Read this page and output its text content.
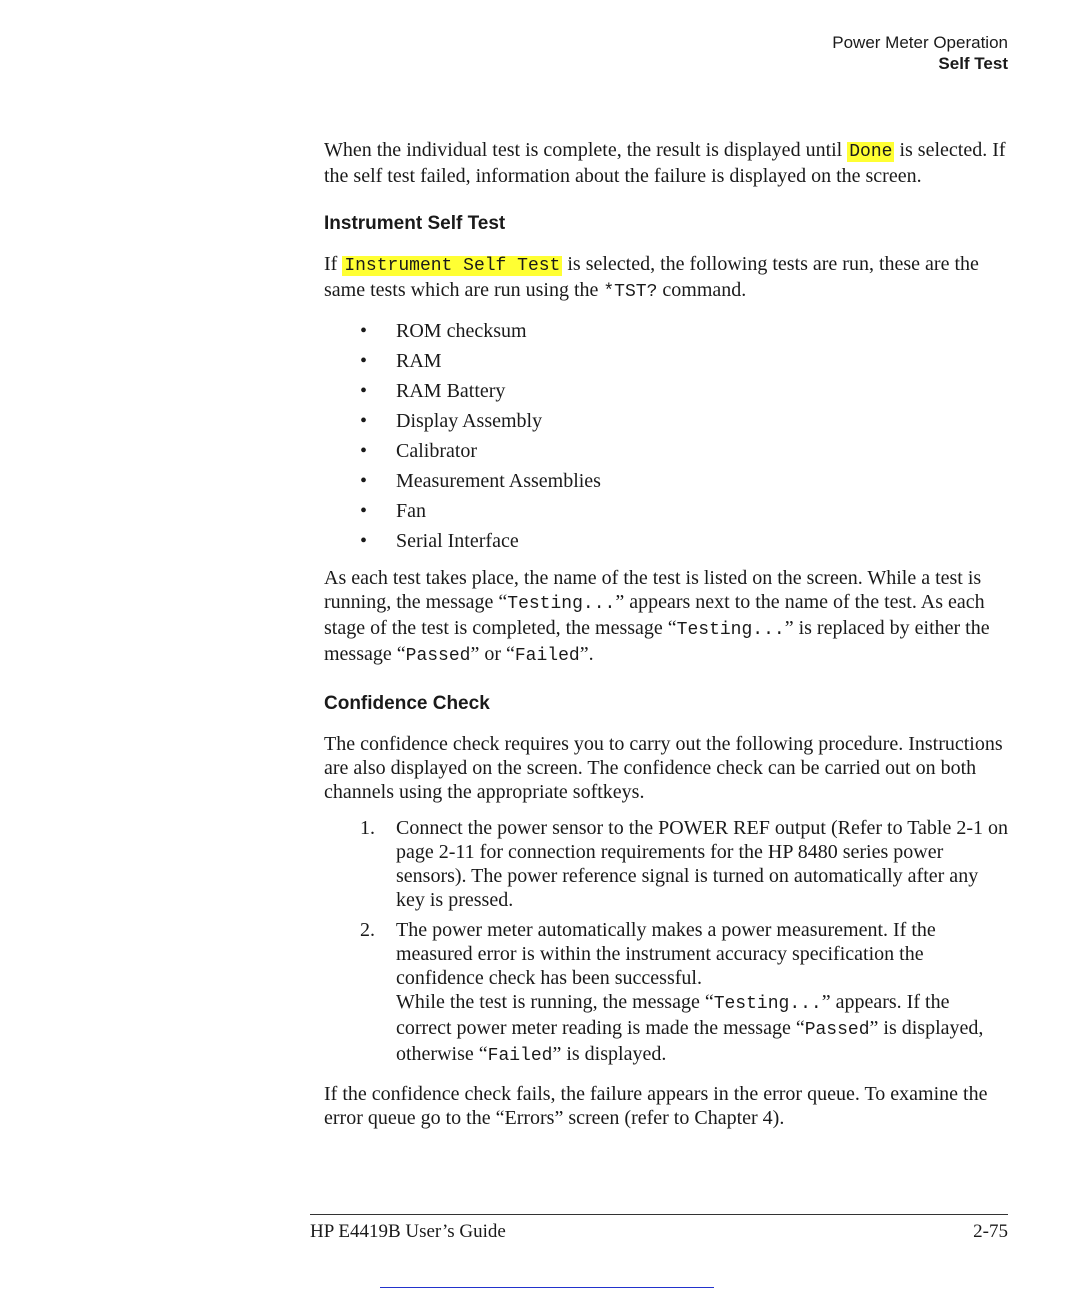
Power Meter Operation
Self Test

When the individual test is complete, the result is displayed until Done is selected. If the self test failed, information about the failure is displayed on the screen.

Instrument Self Test

If Instrument Self Test is selected, the following tests are run, these are the same tests which are run using the *TST? command.

• ROM checksum
• RAM
• RAM Battery
• Display Assembly
• Calibrator
• Measurement Assemblies
• Fan
• Serial Interface

As each test takes place, the name of the test is listed on the screen. While a test is running, the message “Testing...” appears next to the name of the test. As each stage of the test is completed, the message “Testing...” is replaced by either the message “Passed” or “Failed”.

Confidence Check

The confidence check requires you to carry out the following procedure. Instructions are also displayed on the screen. The confidence check can be carried out on both channels using the appropriate softkeys.

1. Connect the power sensor to the POWER REF output (Refer to Table 2-1 on page 2-11 for connection requirements for the HP 8480 series power sensors). The power reference signal is turned on automatically after any key is pressed.
2. The power meter automatically makes a power measurement. If the measured error is within the instrument accuracy specification the confidence check has been successful.
While the test is running, the message “Testing...” appears. If the correct power meter reading is made the message “Passed” is displayed, otherwise “Failed” is displayed.

If the confidence check fails, the failure appears in the error queue. To examine the error queue go to the “Errors” screen (refer to Chapter 4).

HP E4419B User’s Guide	2-75
